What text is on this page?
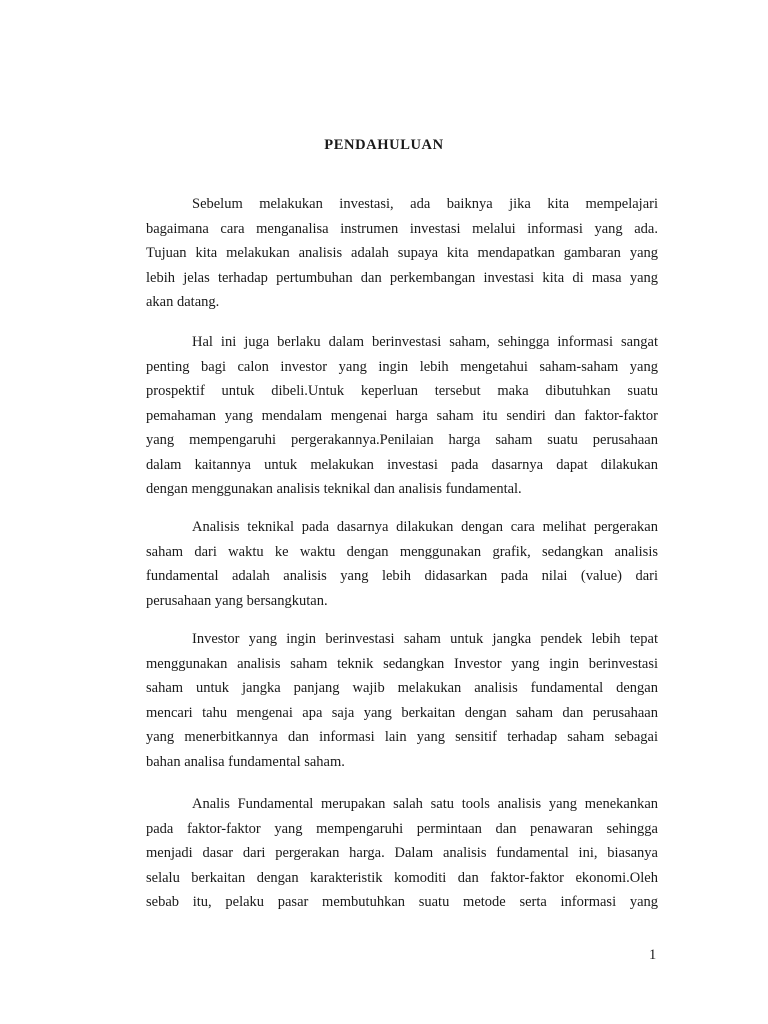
PENDAHULUAN
Sebelum melakukan investasi, ada baiknya jika kita mempelajari
bagaimana cara menganalisa instrumen investasi melalui informasi yang ada.
Tujuan kita melakukan analisis adalah supaya kita mendapatkan gambaran yang
lebih jelas terhadap pertumbuhan dan perkembangan investasi kita di masa yang
akan datang.
Hal ini juga berlaku dalam berinvestasi saham, sehingga informasi sangat
penting bagi calon investor yang ingin lebih mengetahui saham-saham yang
prospektif untuk dibeli.Untuk keperluan tersebut maka dibutuhkan suatu
pemahaman yang mendalam mengenai harga saham itu sendiri dan faktor-faktor
yang mempengaruhi pergerakannya.Penilaian harga saham suatu perusahaan
dalam kaitannya untuk melakukan investasi pada dasarnya dapat dilakukan
dengan menggunakan analisis teknikal dan analisis fundamental.
Analisis teknikal pada dasarnya dilakukan dengan cara melihat pergerakan
saham dari waktu ke waktu dengan menggunakan grafik, sedangkan analisis
fundamental adalah analisis yang lebih didasarkan pada nilai (value) dari
perusahaan yang bersangkutan.
Investor yang ingin berinvestasi saham untuk jangka pendek lebih tepat
menggunakan analisis saham teknik sedangkan Investor yang ingin berinvestasi
saham untuk jangka panjang wajib melakukan analisis fundamental dengan
mencari tahu mengenai apa saja yang berkaitan dengan saham dan perusahaan
yang menerbitkannya dan informasi lain yang sensitif terhadap saham sebagai
bahan analisa fundamental saham.
Analis Fundamental merupakan salah satu tools analisis yang menekankan
pada faktor-faktor yang mempengaruhi permintaan dan penawaran sehingga
menjadi dasar dari pergerakan harga. Dalam analisis fundamental ini, biasanya
selalu berkaitan dengan karakteristik komoditi dan faktor-faktor ekonomi.Oleh
sebab itu, pelaku pasar membutuhkan suatu metode serta informasi yang
1
